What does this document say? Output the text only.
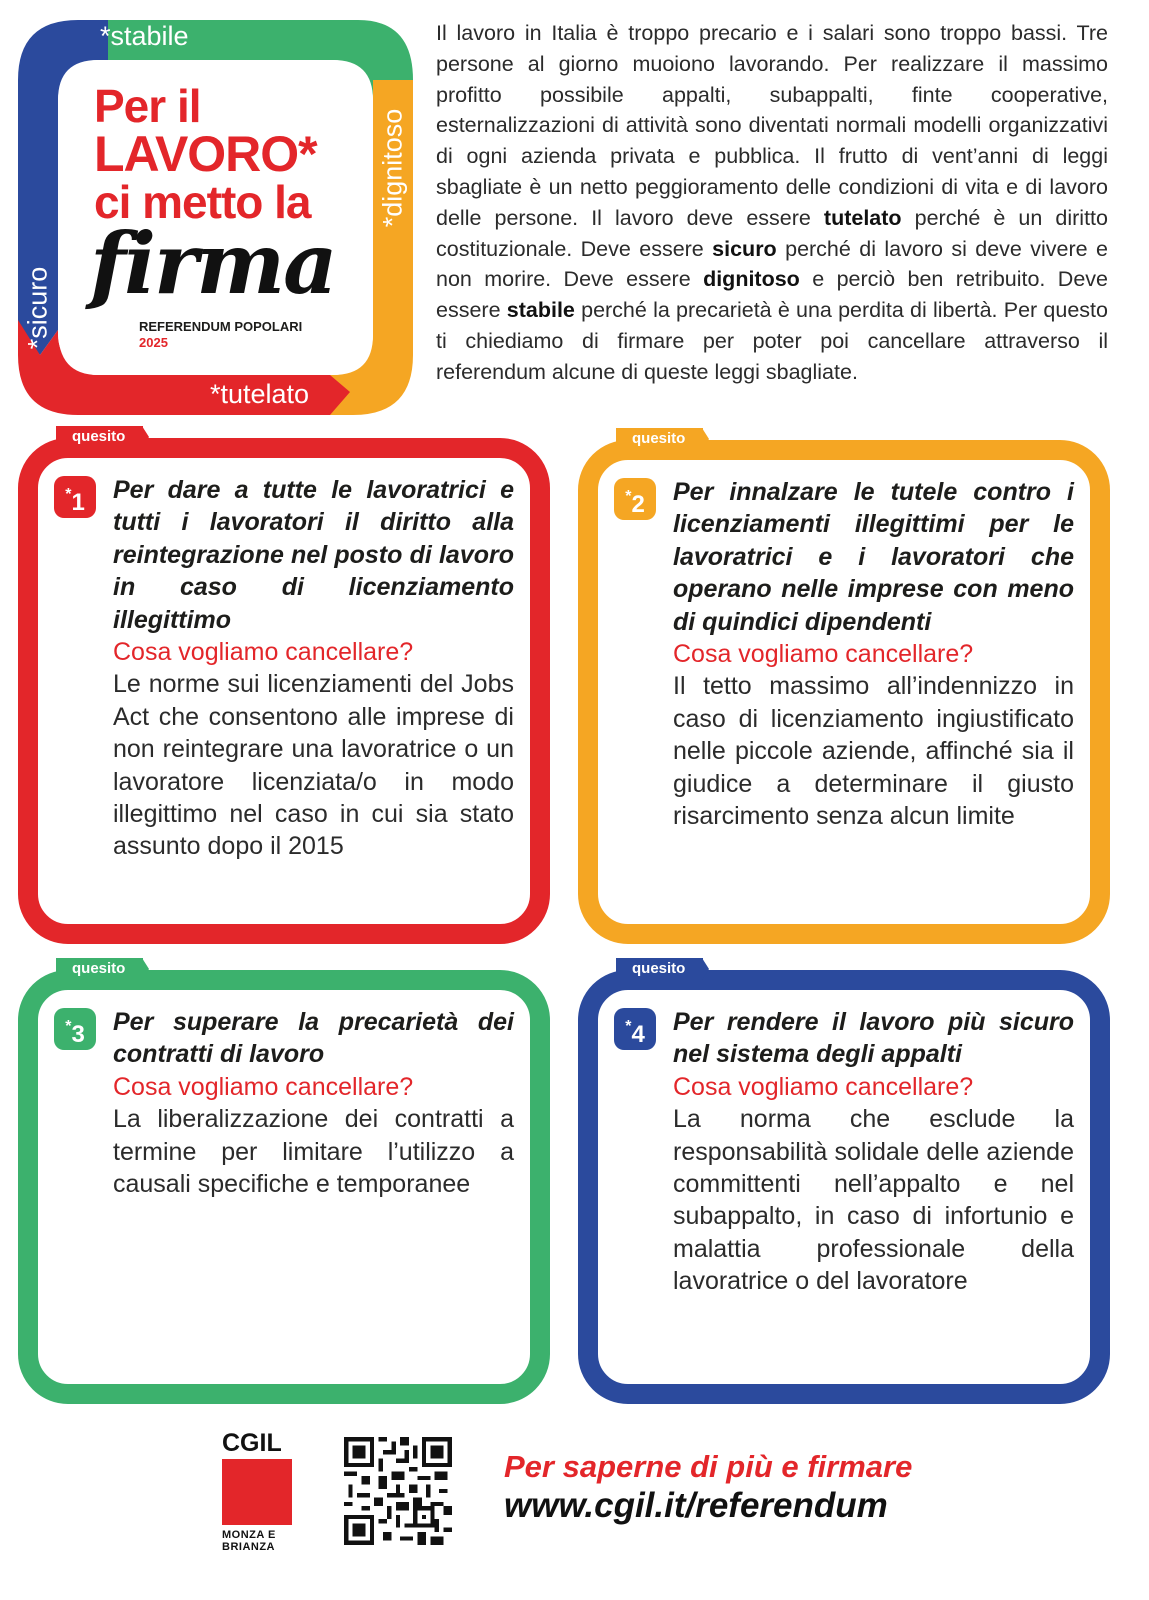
*stabile
*tutelato
*dignitoso
*sicuro
Per il
LAVORO*
ci metto la
firma
REFERENDUM POPOLARI
2025
Il lavoro in Italia è troppo precario e i salari sono troppo bassi. Tre persone al giorno muoiono lavorando. Per realizzare il massimo profitto possibile appalti, subappalti, finte cooperative, esternalizzazioni di attività sono diventati normali modelli organizzativi di ogni azienda privata e pubblica. Il frutto di vent’anni di leggi sbagliate è un netto peggioramento delle condizioni di vita e di lavoro delle persone. Il lavoro deve essere tutelato perché è un diritto costituzionale. Deve essere sicuro perché di lavoro si deve vivere e non morire. Deve essere dignitoso e perciò ben retribuito. Deve essere stabile perché la precarietà è una perdita di libertà. Per questo ti chiediamo di firmare per poter poi cancellare attraverso il referendum alcune di queste leggi sbagliate.
quesito
*1	Per dare a tutte le lavoratrici e tutti i lavoratori il diritto alla reintegrazione nel posto di lavoro in caso di licenziamento illegittimo
Cosa vogliamo cancellare?
Le norme sui licenziamenti del Jobs Act che consentono alle imprese di non reintegrare una lavoratrice o un lavoratore licenziata/o in modo illegittimo nel caso in cui sia stato assunto dopo il 2015
quesito
*2	Per innalzare le tutele contro i licenziamenti illegittimi per le lavoratrici e i lavoratori che operano nelle imprese con meno di quindici dipendenti
Cosa vogliamo cancellare?
Il tetto massimo all’indennizzo in caso di licenziamento ingiustificato nelle piccole aziende, affinché sia il giudice a determinare il giusto risarcimento senza alcun limite
quesito
*3	Per superare la precarietà dei contratti di lavoro
Cosa vogliamo cancellare?
La liberalizzazione dei contratti a termine per limitare l’utilizzo a causali specifiche e temporanee
quesito
*4	Per rendere il lavoro più sicuro nel sistema degli appalti
Cosa vogliamo cancellare?
La norma che esclude la responsabilità solidale delle aziende committenti nell’appalto e nel subappalto, in caso di infortunio e malattia professionale della lavoratrice o del lavoratore
CGIL
MONZA E
BRIANZA
Per saperne di più e firmare
www.cgil.it/referendum
